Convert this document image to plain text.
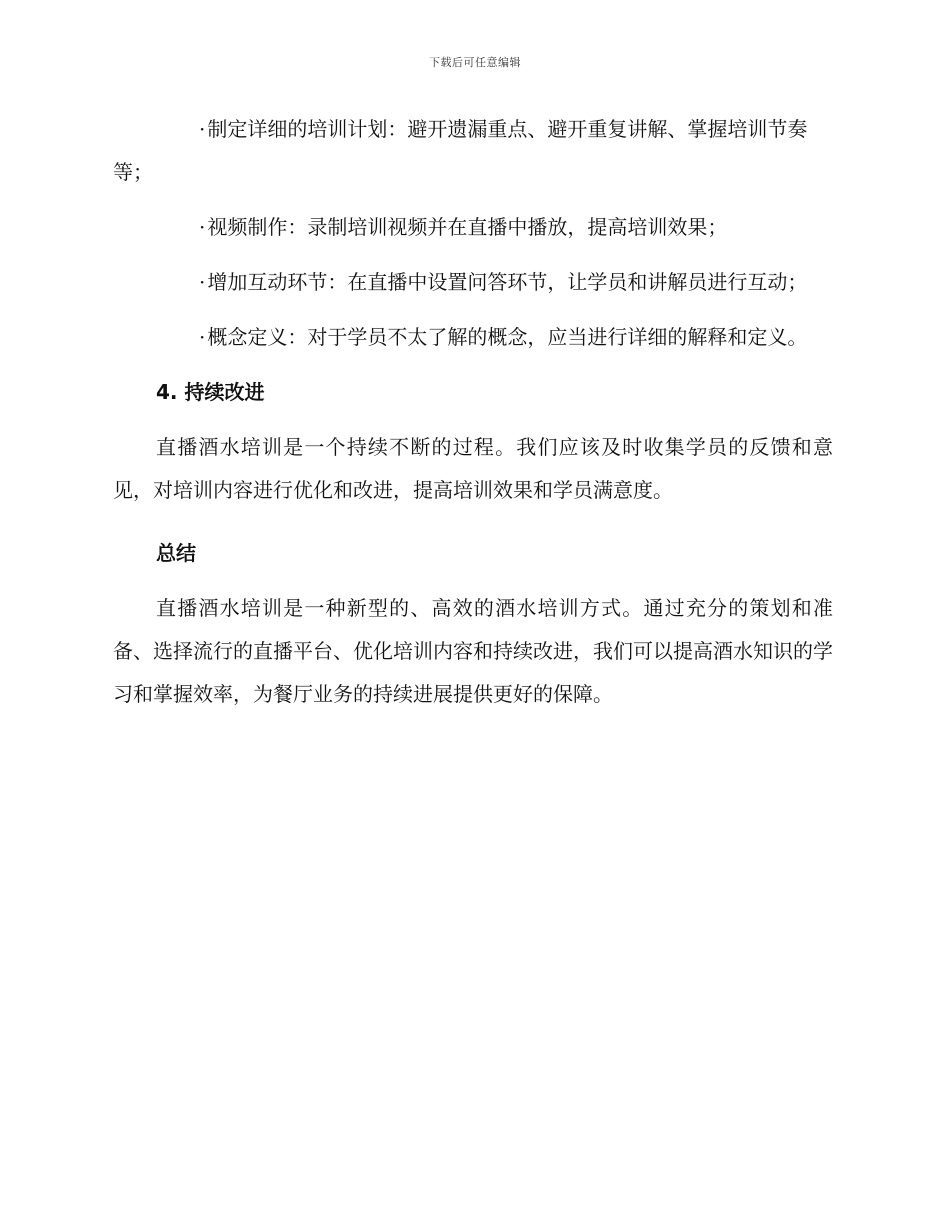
下载后可任意编辑

· 制定详细的培训计划：避开遗漏重点、避开重复讲解、掌握培训节奏等；

· 视频制作：录制培训视频并在直播中播放，提高培训效果；

· 增加互动环节：在直播中设置问答环节，让学员和讲解员进行互动；

· 概念定义：对于学员不太了解的概念，应当进行详细的解释和定义。

4. 持续改进

直播酒水培训是一个持续不断的过程。我们应该及时收集学员的反馈和意见，对培训内容进行优化和改进，提高培训效果和学员满意度。

总结

直播酒水培训是一种新型的、高效的酒水培训方式。通过充分的策划和准备、选择流行的直播平台、优化培训内容和持续改进，我们可以提高酒水知识的学习和掌握效率，为餐厅业务的持续进展提供更好的保障。
